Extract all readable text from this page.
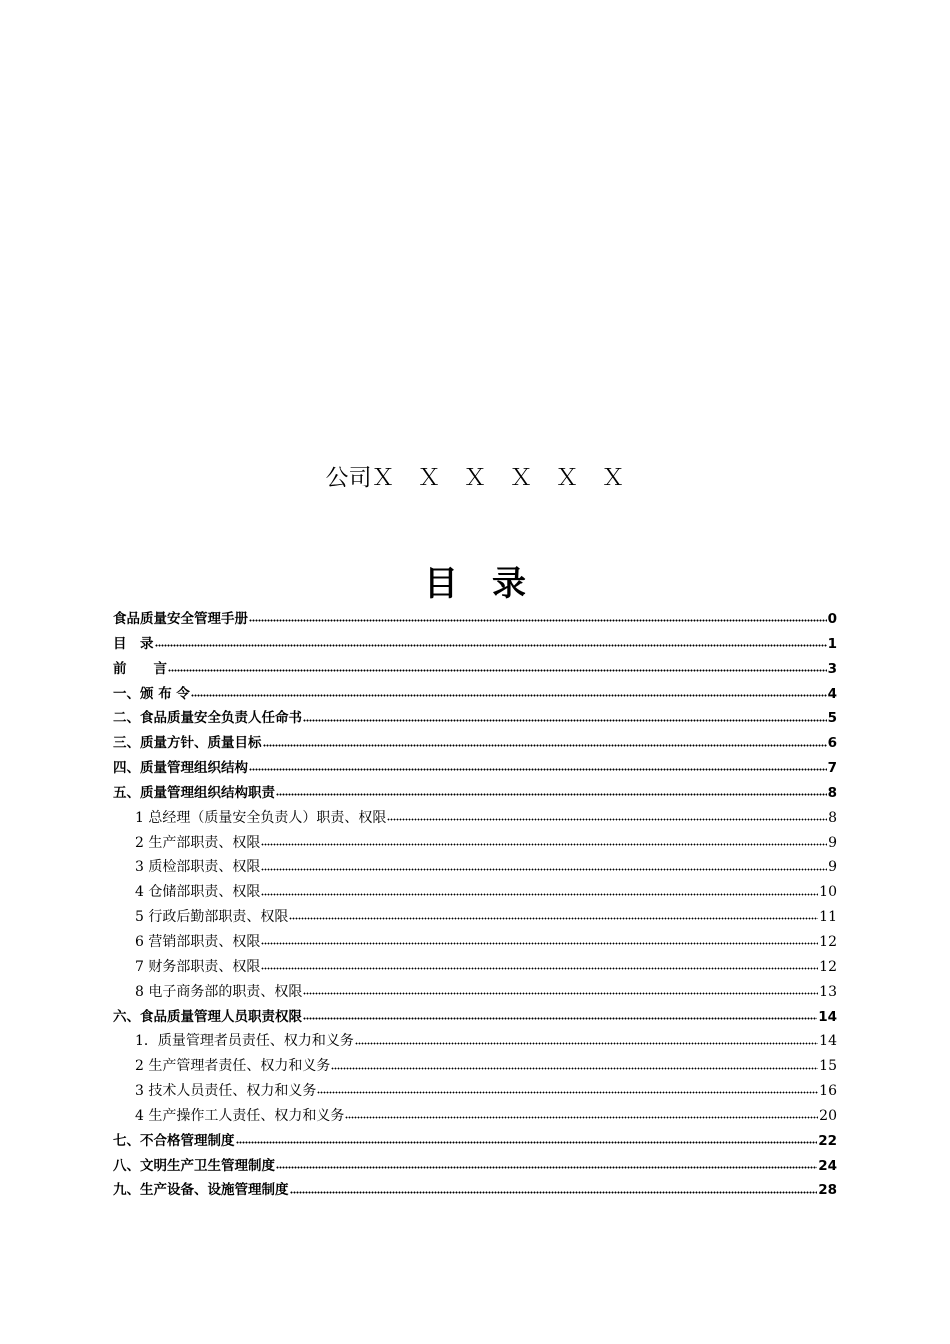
公司Ｘ　Ｘ　Ｘ　Ｘ　Ｘ　Ｘ
目　录
食品质量安全管理手册	0
目　录	1
前　　言	3
一、颁 布 令	4
二、食品质量安全负责人任命书	5
三、质量方针、质量目标	6
四、质量管理组织结构	7
五、质量管理组织结构职责	8
1 总经理（质量安全负责人）职责、权限	8
2 生产部职责、权限	9
3 质检部职责、权限	9
4 仓储部职责、权限	10
5 行政后勤部职责、权限	11
6 营销部职责、权限	12
7 财务部职责、权限	12
8 电子商务部的职责、权限	13
六、食品质量管理人员职责权限	14
1．质量管理者员责任、权力和义务	14
2 生产管理者责任、权力和义务	15
3 技术人员责任、权力和义务	16
4 生产操作工人责任、权力和义务	20
七、不合格管理制度	22
八、文明生产卫生管理制度	24
九、生产设备、设施管理制度	28
